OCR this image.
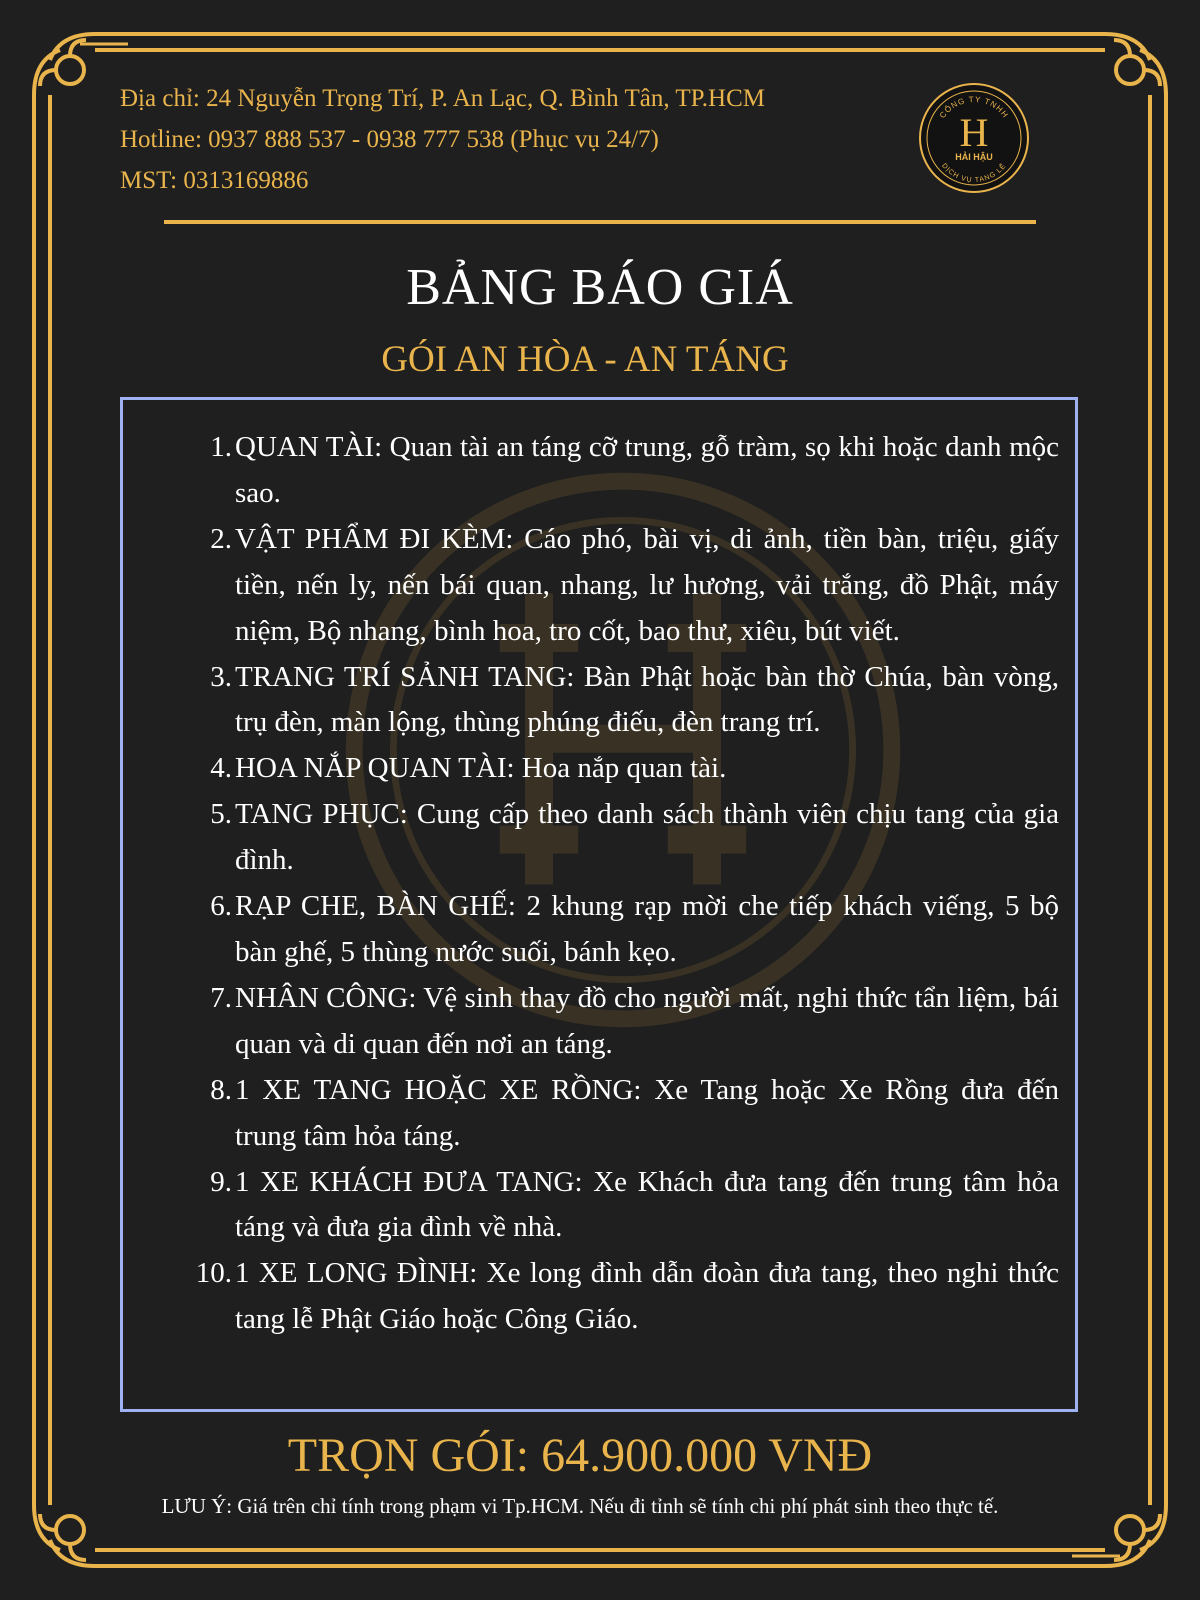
Địa chỉ: 24 Nguyễn Trọng Trí, P. An Lạc, Q. Bình Tân, TP.HCM
Hotline: 0937 888 537 - 0938 777 538 (Phục vụ 24/7)
MST: 0313169886
CÔNG TY TNHH
H
HẢI HẬU
DỊCH VỤ TANG LỄ
BẢNG BÁO GIÁ
GÓI AN HÒA - AN TÁNG
1. QUAN TÀI: Quan tài an táng cỡ trung, gỗ tràm, sọ khi hoặc danh mộc sao.
2. VẬT PHẨM ĐI KÈM: Cáo phó, bài vị, di ảnh, tiền bàn, triệu, giấy tiền, nến ly, nến bái quan, nhang, lư hương, vải trắng, đồ Phật, máy niệm, Bộ nhang, bình hoa, tro cốt, bao thư, xiêu, bút viết.
3. TRANG TRÍ SẢNH TANG: Bàn Phật hoặc bàn thờ Chúa, bàn vòng, trụ đèn, màn lộng, thùng phúng điếu, đèn trang trí.
4. HOA NẮP QUAN TÀI: Hoa nắp quan tài.
5. TANG PHỤC: Cung cấp theo danh sách thành viên chịu tang của gia đình.
6. RẠP CHE, BÀN GHẾ: 2 khung rạp mời che tiếp khách viếng, 5 bộ bàn ghế, 5 thùng nước suối, bánh kẹo.
7. NHÂN CÔNG: Vệ sinh thay đồ cho người mất, nghi thức tẩn liệm, bái quan và di quan đến nơi an táng.
8. 1 XE TANG HOẶC XE RỒNG: Xe Tang hoặc Xe Rồng đưa đến trung tâm hỏa táng.
9. 1 XE KHÁCH ĐƯA TANG: Xe Khách đưa tang đến trung tâm hỏa táng và đưa gia đình về nhà.
10. 1 XE LONG ĐÌNH: Xe long đình dẫn đoàn đưa tang, theo nghi thức tang lễ Phật Giáo hoặc Công Giáo.
TRỌN GÓI: 64.900.000 VNĐ
LƯU Ý: Giá trên chỉ tính trong phạm vi Tp.HCM. Nếu đi tỉnh sẽ tính chi phí phát sinh theo thực tế.
